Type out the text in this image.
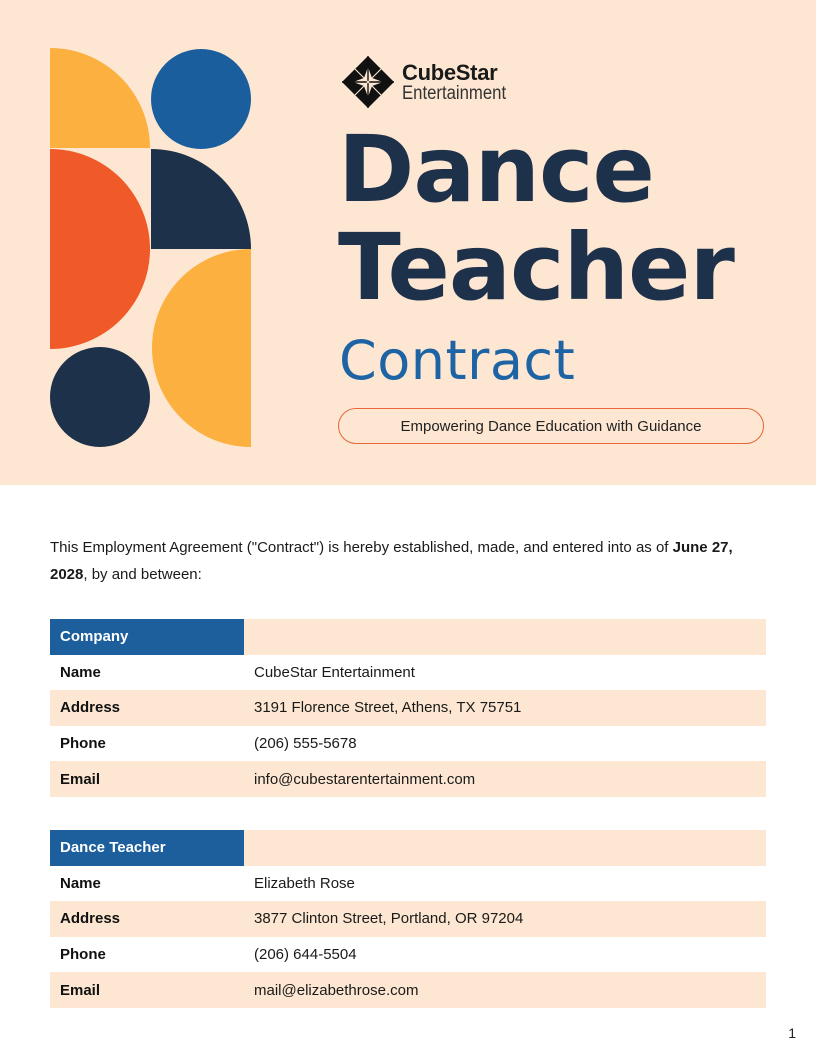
CubeStar
Entertainment
Dance
Teacher
Contract
Empowering Dance Education with Guidance
This Employment Agreement ("Contract") is hereby established, made, and entered into as of June 27, 2028, by and between:
Company	
Name	CubeStar Entertainment
Address	3191 Florence Street, Athens, TX 75751
Phone	(206) 555-5678
Email	info@cubestarentertainment.com
Dance Teacher	
Name	Elizabeth Rose
Address	3877 Clinton Street, Portland, OR 97204
Phone	(206) 644-5504
Email	mail@elizabethrose.com
1
